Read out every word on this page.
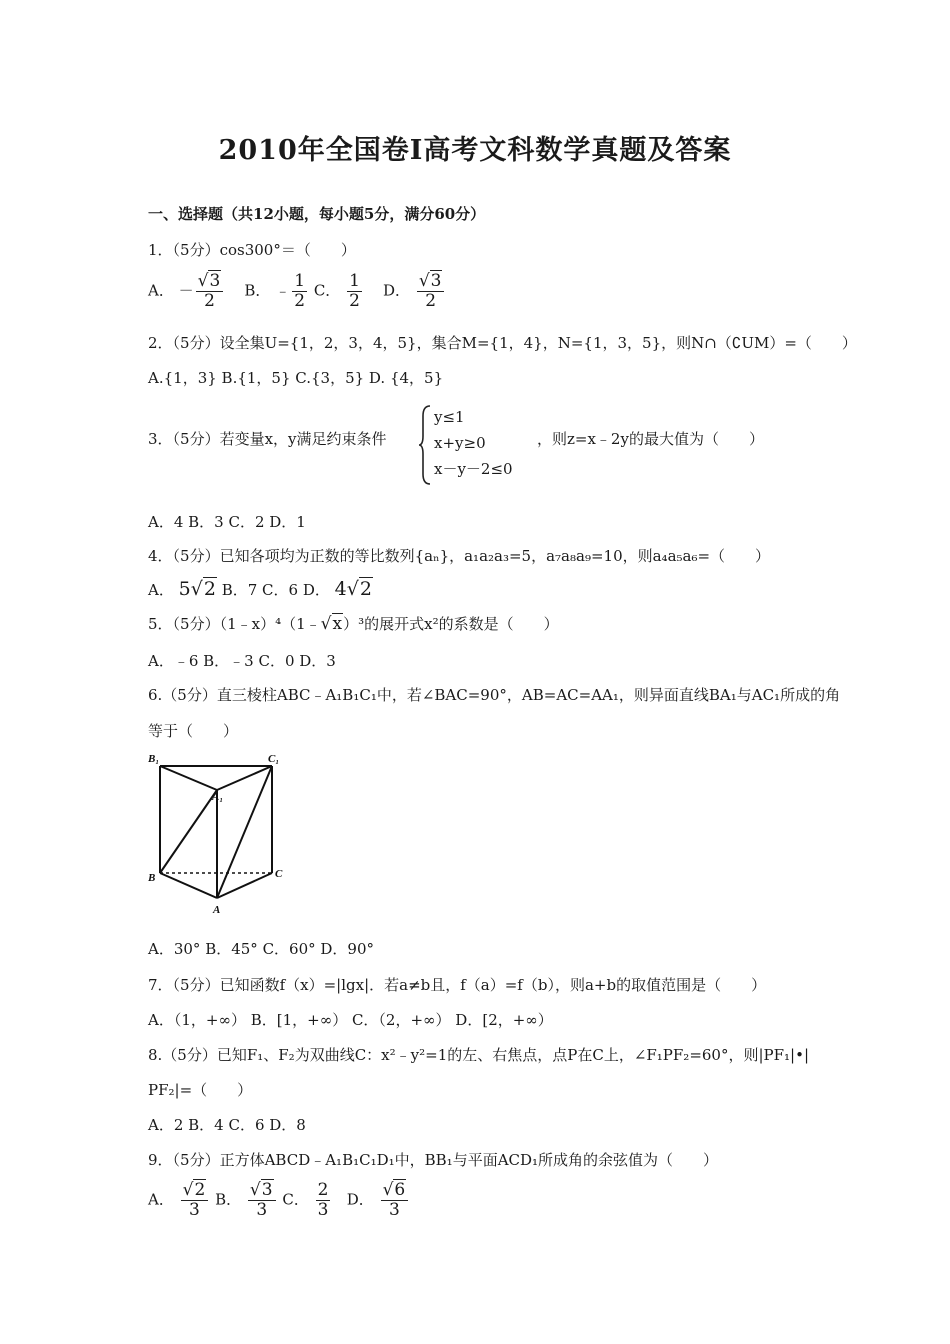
2010年全国卷Ⅰ高考文科数学真题及答案
一、选择题（共12小题，每小题5分，满分60分）
1．（5分）cos300°＝（　　）
A． － $\frac{√3}{2}$ B． ﹣ $\frac{1}{2}$ C． $\frac{1}{2}$ D． $\frac{√3}{2}$
2．（5分）设全集U={1，2，3，4，5}，集合M={1，4}，N={1，3，5}，则N∩（∁UM）=（　　）
A.{1，3} B.{1，5} C.{3，5} D. {4，5}
3．（5分）若变量x，y满足约束条件
y≤1
x+y≥0
x－y－2≤0
，则z=x﹣2y的最大值为（　　）
A．4 B．3 C．2 D．1
4．（5分）已知各项均为正数的等比数列{aₙ}，a₁a₂a₃=5，a₇a₈a₉=10，则a₄a₅a₆=（　　）
A． 5√2 B．7 C．6 D． 4√2
5．（5分）（1﹣x）⁴（1﹣√x）³的展开式x²的系数是（　　）
A．﹣6 B．﹣3 C．0 D．3
6.（5分）直三棱柱ABC﹣A₁B₁C₁中，若∠BAC=90°，AB=AC=AA₁，则异面直线BA₁与AC₁所成的角
等于（　　）
B₁	C₁
A₁
B	C
A
A．30° B．45° C．60° D．90°
7．（5分）已知函数f（x）=|lgx|．若a≠b且，f（a）=f（b），则a+b的取值范围是（　　）
A．（1，+∞） B．[1，+∞） C．（2，+∞） D．[2，+∞）
8.（5分）已知F₁、F₂为双曲线C：x²﹣y²=1的左、右焦点，点P在C上，∠F₁PF₂=60°，则|PF₁|•|
PF₂|=（　　）
A．2 B．4 C．6 D．8
9．（5分）正方体ABCD﹣A₁B₁C₁D₁中，BB₁与平面ACD₁所成角的余弦值为（　　）
A． $\frac{√2}{3}$ B． $\frac{√3}{3}$ C． $\frac{2}{3}$ D． $\frac{√6}{3}$
